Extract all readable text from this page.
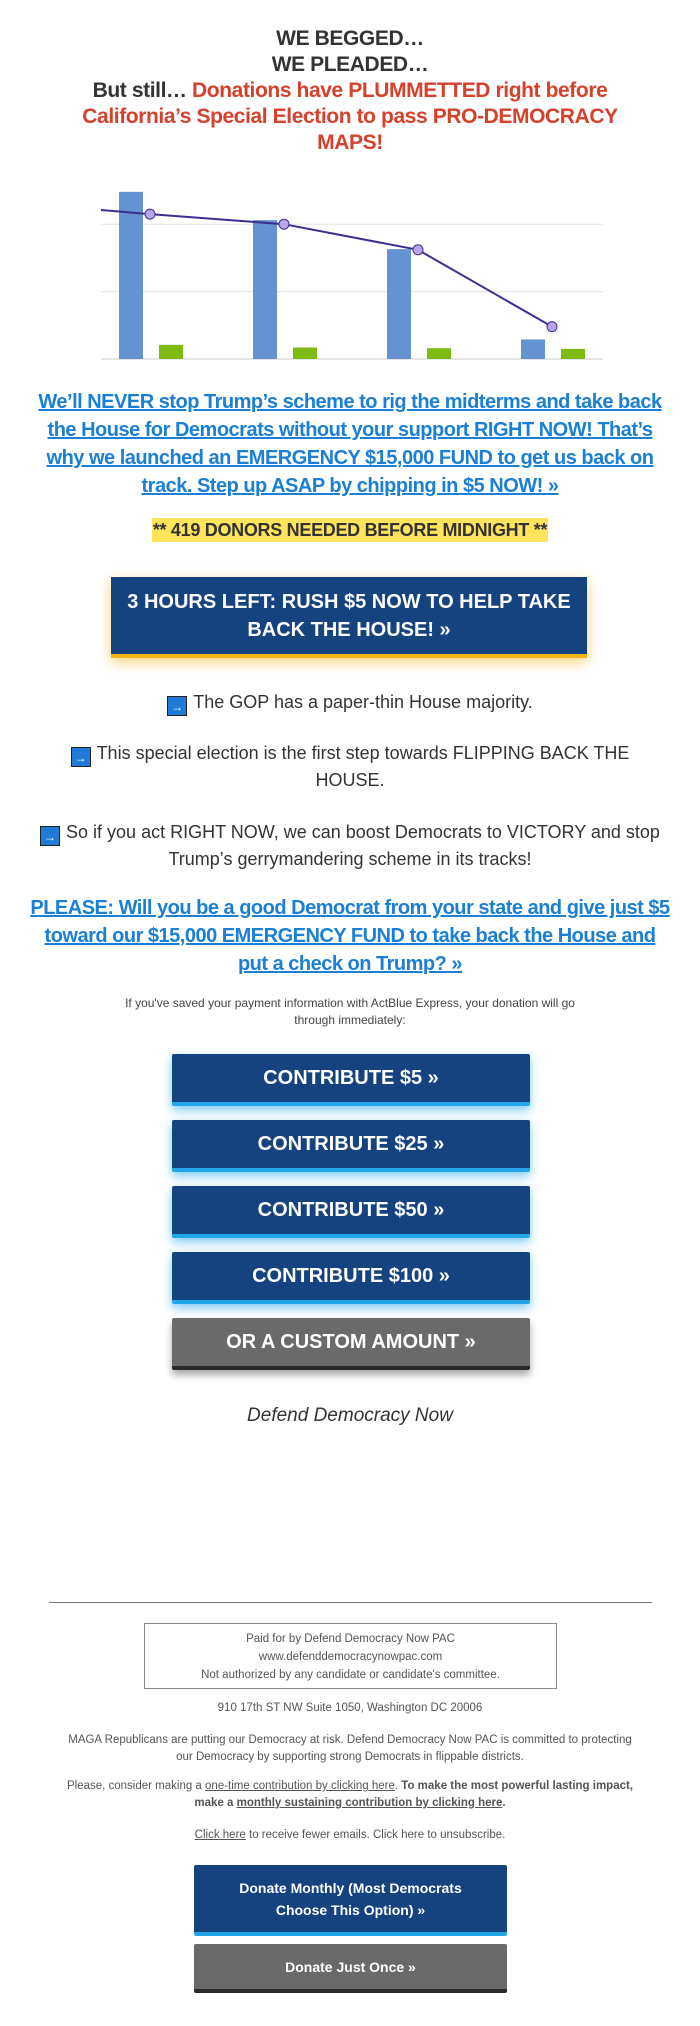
WE BEGGED…
WE PLEADED…
But still… Donations have PLUMMETTED right before
California’s Special Election to pass PRO-DEMOCRACY
MAPS!
We’ll NEVER stop Trump’s scheme to rig the midterms and take back the House for Democrats without your support RIGHT NOW! That’s why we launched an EMERGENCY $15,000 FUND to get us back on track. Step up ASAP by chipping in $5 NOW! »
** 419 DONORS NEEDED BEFORE MIDNIGHT **
3 HOURS LEFT: RUSH $5 NOW TO HELP TAKE BACK THE HOUSE! »
→ The GOP has a paper-thin House majority.
→ This special election is the first step towards FLIPPING BACK THE HOUSE.
→ So if you act RIGHT NOW, we can boost Democrats to VICTORY and stop Trump’s gerrymandering scheme in its tracks!
PLEASE: Will you be a good Democrat from your state and give just $5 toward our $15,000 EMERGENCY FUND to take back the House and put a check on Trump? »
If you've saved your payment information with ActBlue Express, your donation will go through immediately:
CONTRIBUTE $5 »
CONTRIBUTE $25 »
CONTRIBUTE $50 »
CONTRIBUTE $100 »
OR A CUSTOM AMOUNT »
Defend Democracy Now
Paid for by Defend Democracy Now PAC
www.defenddemocracynowpac.com
Not authorized by any candidate or candidate's committee.
910 17th ST NW Suite 1050, Washington DC 20006
MAGA Republicans are putting our Democracy at risk. Defend Democracy Now PAC is committed to protecting our Democracy by supporting strong Democrats in flippable districts.
Please, consider making a one-time contribution by clicking here. To make the most powerful lasting impact, make a monthly sustaining contribution by clicking here.
Click here to receive fewer emails. Click here to unsubscribe.
Donate Monthly (Most Democrats Choose This Option) »
Donate Just Once »
